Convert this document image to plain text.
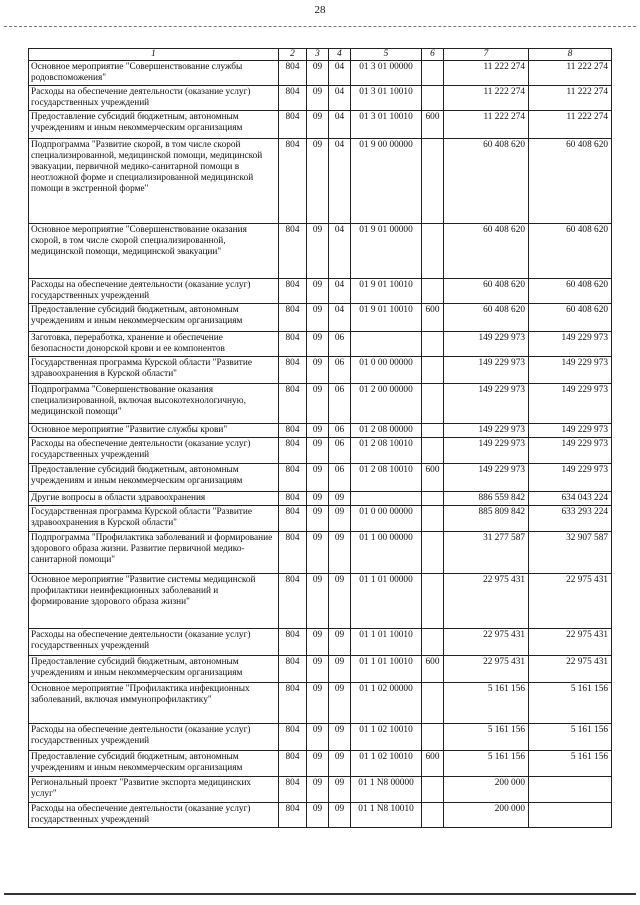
28
1	2	3	4	5	6	7	8
Основное мероприятие "Совершенствование службы родовспоможения"	804	09	04	01 3 01 00000		11 222 274	11 222 274
Расходы на обеспечение деятельности (оказание услуг) государственных учреждений	804	09	04	01 3 01 10010		11 222 274	11 222 274
Предоставление субсидий бюджетным, автономным учреждениям и иным некоммерческим организациям	804	09	04	01 3 01 10010	600	11 222 274	11 222 274
Подпрограмма "Развитие скорой, в том числе скорой специализированной, медицинской помощи, медицинской эвакуации, первичной медико-санитарной помощи в неотложной форме и специализированной медицинской помощи в экстренной форме"	804	09	04	01 9 00 00000		60 408 620	60 408 620
Основное мероприятие "Совершенствование оказания скорой, в том числе скорой специализированной, медицинской помощи, медицинской эвакуации"	804	09	04	01 9 01 00000		60 408 620	60 408 620
Расходы на обеспечение деятельности (оказание услуг) государственных учреждений	804	09	04	01 9 01 10010		60 408 620	60 408 620
Предоставление субсидий бюджетным, автономным учреждениям и иным некоммерческим организациям	804	09	04	01 9 01 10010	600	60 408 620	60 408 620
Заготовка, переработка, хранение и обеспечение безопасности донорской крови и ее компонентов	804	09	06			149 229 973	149 229 973
Государственная программа Курской области "Развитие здравоохранения в Курской области"	804	09	06	01 0 00 00000		149 229 973	149 229 973
Подпрограмма "Совершенствование оказания специализированной, включая высокотехнологичную, медицинской помощи"	804	09	06	01 2 00 00000		149 229 973	149 229 973
Основное мероприятие "Развитие службы крови"	804	09	06	01 2 08 00000		149 229 973	149 229 973
Расходы на обеспечение деятельности (оказание услуг) государственных учреждений	804	09	06	01 2 08 10010		149 229 973	149 229 973
Предоставление субсидий бюджетным, автономным учреждениям и иным некоммерческим организациям	804	09	06	01 2 08 10010	600	149 229 973	149 229 973
Другие вопросы в области здравоохранения	804	09	09			886 559 842	634 043 224
Государственная программа Курской области "Развитие здравоохранения в Курской области"	804	09	09	01 0 00 00000		885 809 842	633 293 224
Подпрограмма "Профилактика заболеваний и формирование здорового образа жизни. Развитие первичной медико-санитарной помощи"	804	09	09	01 1 00 00000		31 277 587	32 907 587
Основное мероприятие "Развитие системы медицинской профилактики неинфекционных заболеваний и формирование здорового образа жизни"	804	09	09	01 1 01 00000		22 975 431	22 975 431
Расходы на обеспечение деятельности (оказание услуг) государственных учреждений	804	09	09	01 1 01 10010		22 975 431	22 975 431
Предоставление субсидий бюджетным, автономным учреждениям и иным некоммерческим организациям	804	09	09	01 1 01 10010	600	22 975 431	22 975 431
Основное мероприятие "Профилактика инфекционных заболеваний, включая иммунопрофилактику"	804	09	09	01 1 02 00000		5 161 156	5 161 156
Расходы на обеспечение деятельности (оказание услуг) государственных учреждений	804	09	09	01 1 02 10010		5 161 156	5 161 156
Предоставление субсидий бюджетным, автономным учреждениям и иным некоммерческим организациям	804	09	09	01 1 02 10010	600	5 161 156	5 161 156
Региональный проект "Развитие экспорта медицинских услуг"	804	09	09	01 1 N8 00000		200 000	
Расходы на обеспечение деятельности (оказание услуг) государственных учреждений	804	09	09	01 1 N8 10010		200 000	
